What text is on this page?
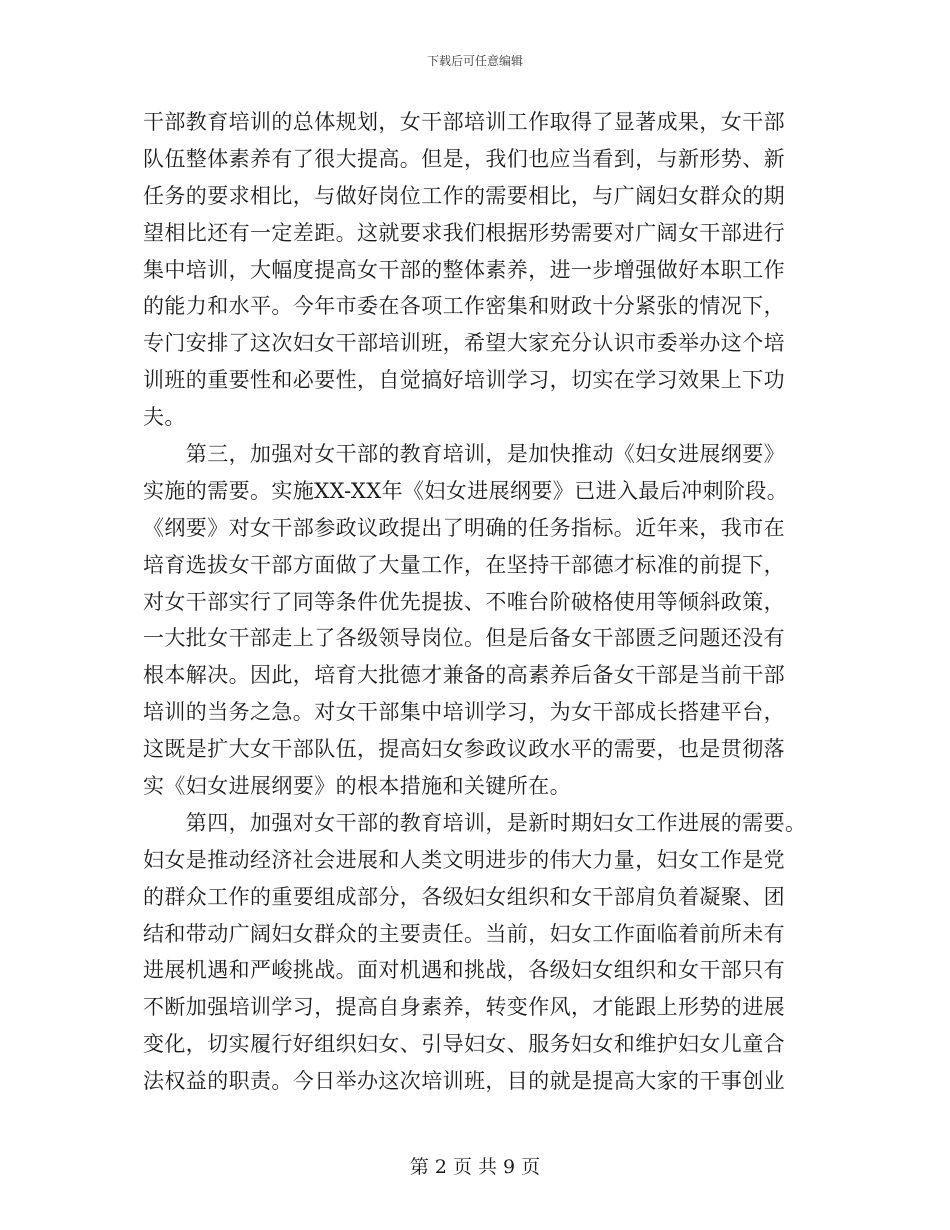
下载后可任意编辑
干部教育培训的总体规划，女干部培训工作取得了显著成果，女干部
队伍整体素养有了很大提高。但是，我们也应当看到，与新形势、新
任务的要求相比，与做好岗位工作的需要相比，与广阔妇女群众的期
望相比还有一定差距。这就要求我们根据形势需要对广阔女干部进行
集中培训，大幅度提高女干部的整体素养，进一步增强做好本职工作
的能力和水平。今年市委在各项工作密集和财政十分紧张的情况下，
专门安排了这次妇女干部培训班，希望大家充分认识市委举办这个培
训班的重要性和必要性，自觉搞好培训学习，切实在学习效果上下功
夫。
　　第三，加强对女干部的教育培训，是加快推动《妇女进展纲要》
实施的需要。实施XX-XX年《妇女进展纲要》已进入最后冲刺阶段。
《纲要》对女干部参政议政提出了明确的任务指标。近年来，我市在
培育选拔女干部方面做了大量工作，在坚持干部德才标准的前提下，
对女干部实行了同等条件优先提拔、不唯台阶破格使用等倾斜政策，
一大批女干部走上了各级领导岗位。但是后备女干部匮乏问题还没有
根本解决。因此，培育大批德才兼备的高素养后备女干部是当前干部
培训的当务之急。对女干部集中培训学习，为女干部成长搭建平台，
这既是扩大女干部队伍，提高妇女参政议政水平的需要，也是贯彻落
实《妇女进展纲要》的根本措施和关键所在。
　　第四，加强对女干部的教育培训，是新时期妇女工作进展的需要。
妇女是推动经济社会进展和人类文明进步的伟大力量，妇女工作是党
的群众工作的重要组成部分，各级妇女组织和女干部肩负着凝聚、团
结和带动广阔妇女群众的主要责任。当前，妇女工作面临着前所未有
进展机遇和严峻挑战。面对机遇和挑战，各级妇女组织和女干部只有
不断加强培训学习，提高自身素养，转变作风，才能跟上形势的进展
变化，切实履行好组织妇女、引导妇女、服务妇女和维护妇女儿童合
法权益的职责。今日举办这次培训班，目的就是提高大家的干事创业
第 2 页 共 9 页
